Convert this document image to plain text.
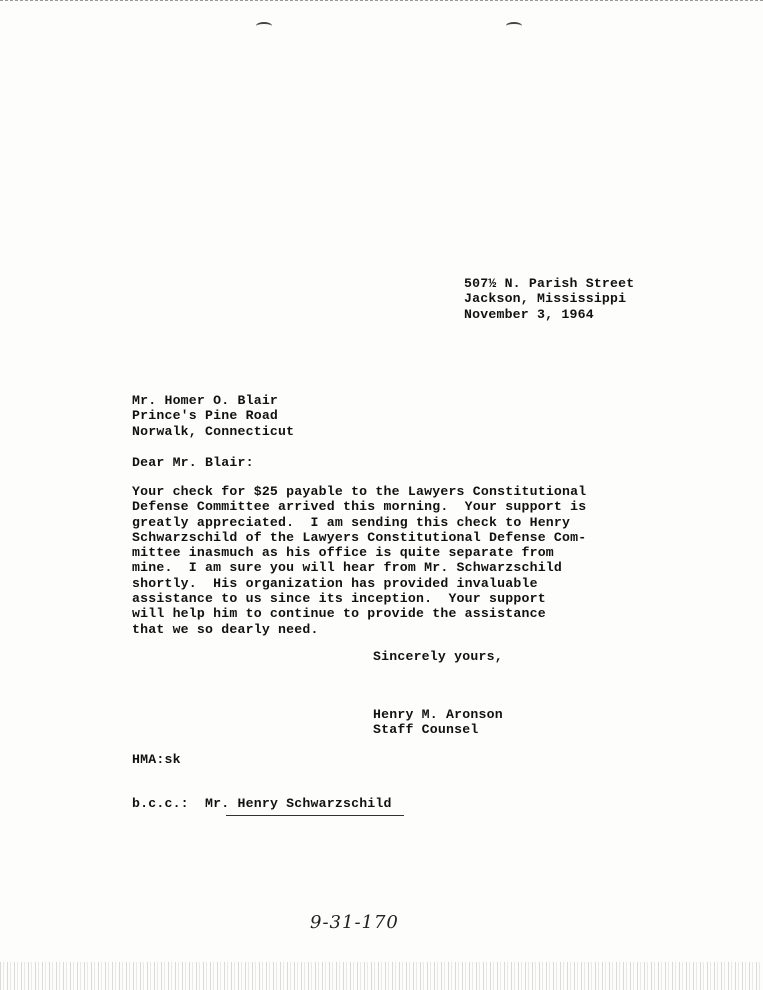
507½ N. Parish Street
Jackson, Mississippi
November 3, 1964
Mr. Homer O. Blair
Prince's Pine Road
Norwalk, Connecticut
Dear Mr. Blair:
Your check for $25 payable to the Lawyers Constitutional
Defense Committee arrived this morning.  Your support is
greatly appreciated.  I am sending this check to Henry
Schwarzschild of the Lawyers Constitutional Defense Com-
mittee inasmuch as his office is quite separate from
mine.  I am sure you will hear from Mr. Schwarzschild
shortly.  His organization has provided invaluable
assistance to us since its inception.  Your support
will help him to continue to provide the assistance
that we so dearly need.
Sincerely yours,
Henry M. Aronson
Staff Counsel
HMA:sk
b.c.c.: Mr. Henry Schwarzschild
9-31-170
